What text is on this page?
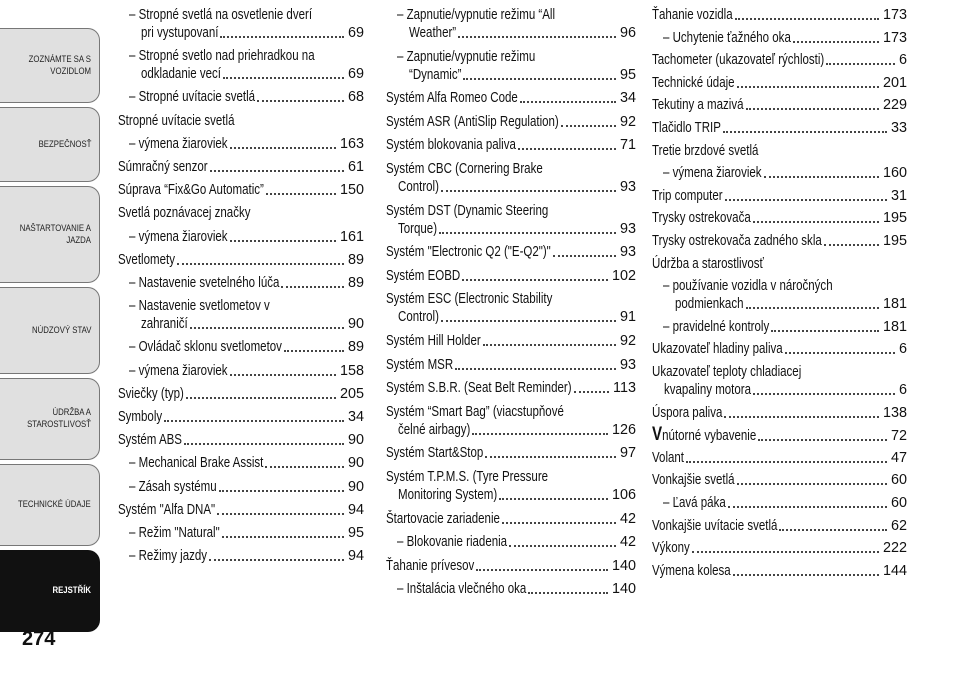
ZOZNÁMTE SA S VOZIDLOM
BEZPEČNOSŤ
NAŠTARTOVANIE A JAZDA
NÚDZOVÝ STAV
ÚDRŽBA A STAROSTLIVOSŤ
TECHNICKÉ ÚDAJE
REJSTŘÍK
274
– Stropné svetlá na osvetlenie dverí
pri vystupovaní	69
– Stropné svetlo nad priehradkou na
odkladanie vecí	69
– Stropné uvítacie svetlá	68
Stropné uvítacie svetlá
– výmena žiaroviek	163
Súmračný senzor	61
Súprava “Fix&Go Automatic”	150
Svetlá poznávacej značky
– výmena žiaroviek	161
Svetlomety	89
– Nastavenie svetelného lúča	89
– Nastavenie svetlometov v
zahraničí	90
– Ovládač sklonu svetlometov	89
– výmena žiaroviek	158
Sviečky (typ)	205
Symboly	34
Systém ABS	90
– Mechanical Brake Assist	90
– Zásah systému	90
Systém "Alfa DNA"	94
– Režim "Natural"	95
– Režimy jazdy	94
– Zapnutie/vypnutie režimu “All
Weather”	96
– Zapnutie/vypnutie režimu
“Dynamic”	95
Systém Alfa Romeo Code	34
Systém ASR (AntiSlip Regulation)	92
Systém blokovania paliva	71
Systém CBC (Cornering Brake
Control)	93
Systém DST (Dynamic Steering
Torque)	93
Systém "Electronic Q2 ("E-Q2")"	93
Systém EOBD	102
Systém ESC (Electronic Stability
Control)	91
Systém Hill Holder	92
Systém MSR	93
Systém S.B.R. (Seat Belt Reminder)	113
Systém “Smart Bag” (viacstupňové
čelné airbagy)	126
Systém Start&Stop	97
Systém T.P.M.S. (Tyre Pressure
Monitoring System)	106
Štartovacie zariadenie	42
– Blokovanie riadenia	42
Ťahanie prívesov	140
– Inštalácia vlečného oka	140
Ťahanie vozidla	173
– Uchytenie ťažného oka	173
Tachometer (ukazovateľ rýchlosti)	6
Technické údaje	201
Tekutiny a mazivá	229
Tlačidlo TRIP	33
Tretie brzdové svetlá
– výmena žiaroviek	160
Trip computer	31
Trysky ostrekovača	195
Trysky ostrekovača zadného skla	195
Údržba a starostlivosť
– používanie vozidla v náročných
podmienkach	181
– pravidelné kontroly	181
Ukazovateľ hladiny paliva	6
Ukazovateľ teploty chladiacej
kvapaliny motora	6
Úspora paliva	138
Vnútorné vybavenie	72
Volant	47
Vonkajšie svetlá	60
– Ľavá páka	60
Vonkajšie uvítacie svetlá	62
Výkony	222
Výmena kolesa	144
